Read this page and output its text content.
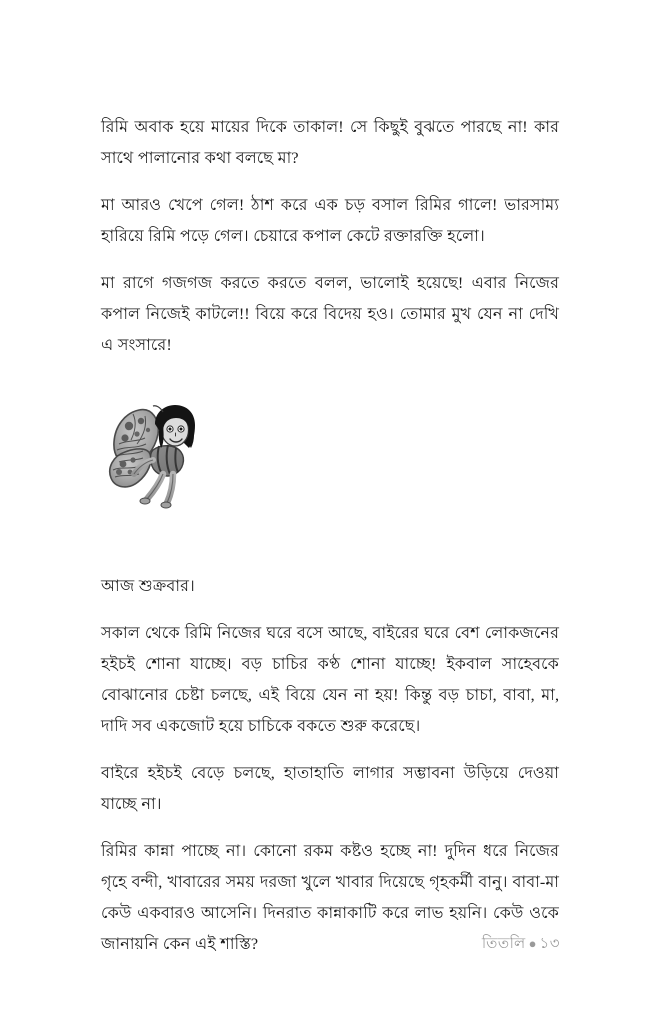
রিমি অবাক হয়ে মায়ের দিকে তাকাল! সে কিছুই বুঝতে পারছে না! কার সাথে পালানোর কথা বলছে মা?

মা আরও খেপে গেল! ঠাশ করে এক চড় বসাল রিমির গালে! ভারসাম্য হারিয়ে রিমি পড়ে গেল। চেয়ারে কপাল কেটে রক্তারক্তি হলো।

মা রাগে গজগজ করতে করতে বলল, ভালোই হয়েছে! এবার নিজের কপাল নিজেই কাটলে!! বিয়ে করে বিদেয় হও। তোমার মুখ যেন না দেখি এ সংসারে!

আজ শুক্রবার।

সকাল থেকে রিমি নিজের ঘরে বসে আছে, বাইরের ঘরে বেশ লোকজনের হইচই শোনা যাচ্ছে। বড় চাচির কণ্ঠ শোনা যাচ্ছে! ইকবাল সাহেবকে বোঝানোর চেষ্টা চলছে, এই বিয়ে যেন না হয়! কিন্তু বড় চাচা, বাবা, মা, দাদি সব একজোট হয়ে চাচিকে বকতে শুরু করেছে।

বাইরে হইচই বেড়ে চলছে, হাতাহাতি লাগার সম্ভাবনা উড়িয়ে দেওয়া যাচ্ছে না।

রিমির কান্না পাচ্ছে না। কোনো রকম কষ্টও হচ্ছে না! দুদিন ধরে নিজের গৃহে বন্দী, খাবারের সময় দরজা খুলে খাবার দিয়েছে গৃহকর্মী বানু। বাবা-মা কেউ একবারও আসেনি। দিনরাত কান্নাকাটি করে লাভ হয়নি। কেউ ওকে জানায়নি কেন এই শাস্তি?	তিতলি ● ১৩
